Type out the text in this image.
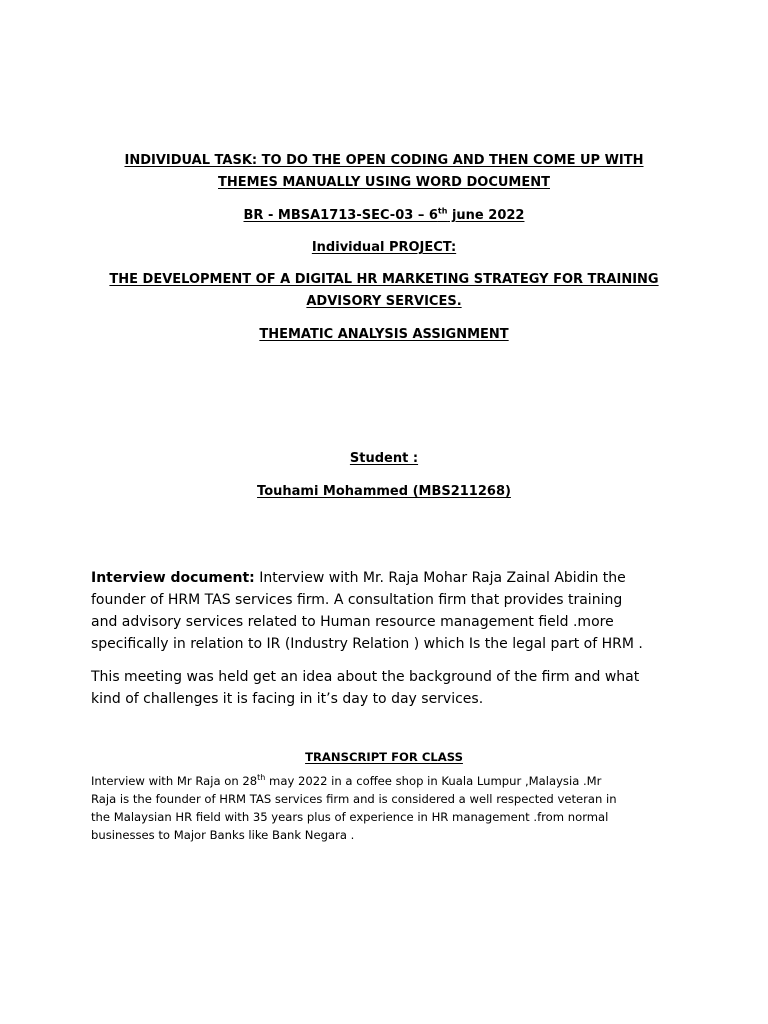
INDIVIDUAL TASK: TO DO THE OPEN CODING AND THEN COME UP WITH
THEMES MANUALLY USING WORD DOCUMENT
BR - MBSA1713-SEC-03 – 6th june 2022
Individual PROJECT:
THE DEVELOPMENT OF A DIGITAL HR MARKETING STRATEGY FOR TRAINING
ADVISORY SERVICES.
THEMATIC ANALYSIS ASSIGNMENT
Student :
Touhami Mohammed (MBS211268)
Interview document: Interview with Mr. Raja Mohar Raja Zainal Abidin the
founder of HRM TAS services firm. A consultation firm that provides training
and advisory services related to Human resource management field .more
specifically in relation to IR (Industry Relation ) which Is the legal part of HRM .
This meeting was held get an idea about the background of the firm and what
kind of challenges it is facing in it’s day to day services.
TRANSCRIPT FOR CLASS
Interview with Mr Raja on 28th may 2022 in a coffee shop in Kuala Lumpur ,Malaysia .Mr
Raja is the founder of HRM TAS services firm and is considered a well respected veteran in
the Malaysian HR field with 35 years plus of experience in HR management .from normal
businesses to Major Banks like Bank Negara .
